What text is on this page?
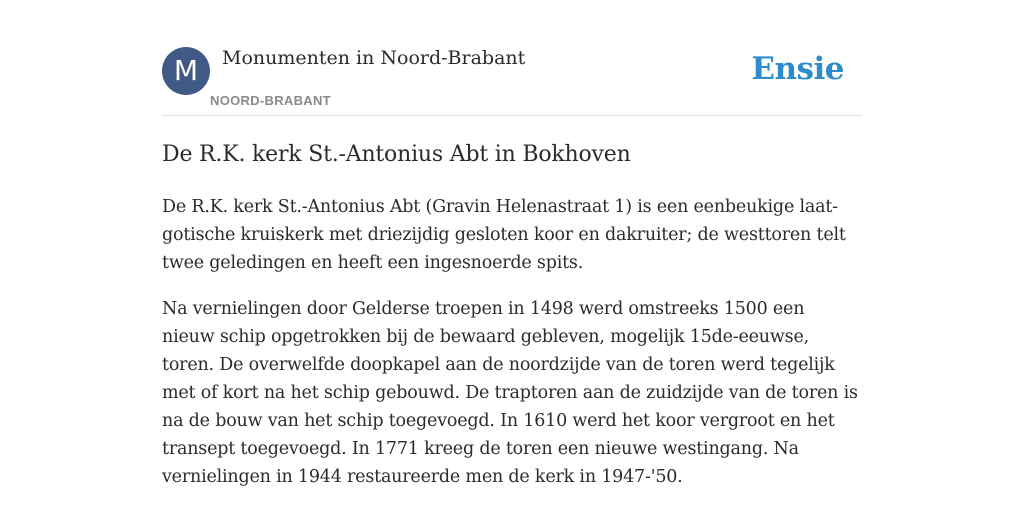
M	Monumenten in Noord-Brabant
NOORD-BRABANT
Ensie
De R.K. kerk St.-Antonius Abt in Bokhoven

De R.K. kerk St.-Antonius Abt (Gravin Helenastraat 1) is een eenbeukige laat-gotische kruiskerk met driezijdig gesloten koor en dakruiter; de westtoren telt twee geledingen en heeft een ingesnoerde spits.

Na vernielingen door Gelderse troepen in 1498 werd omstreeks 1500 een nieuw schip opgetrokken bij de bewaard gebleven, mogelijk 15de-eeuwse, toren. De overwelfde doopkapel aan de noordzijde van de toren werd tegelijk met of kort na het schip gebouwd. De traptoren aan de zuidzijde van de toren is na de bouw van het schip toegevoegd. In 1610 werd het koor vergroot en het transept toegevoegd. In 1771 kreeg de toren een nieuwe westingang. Na vernielingen in 1944 restaureerde men de kerk in 1947-'50.
